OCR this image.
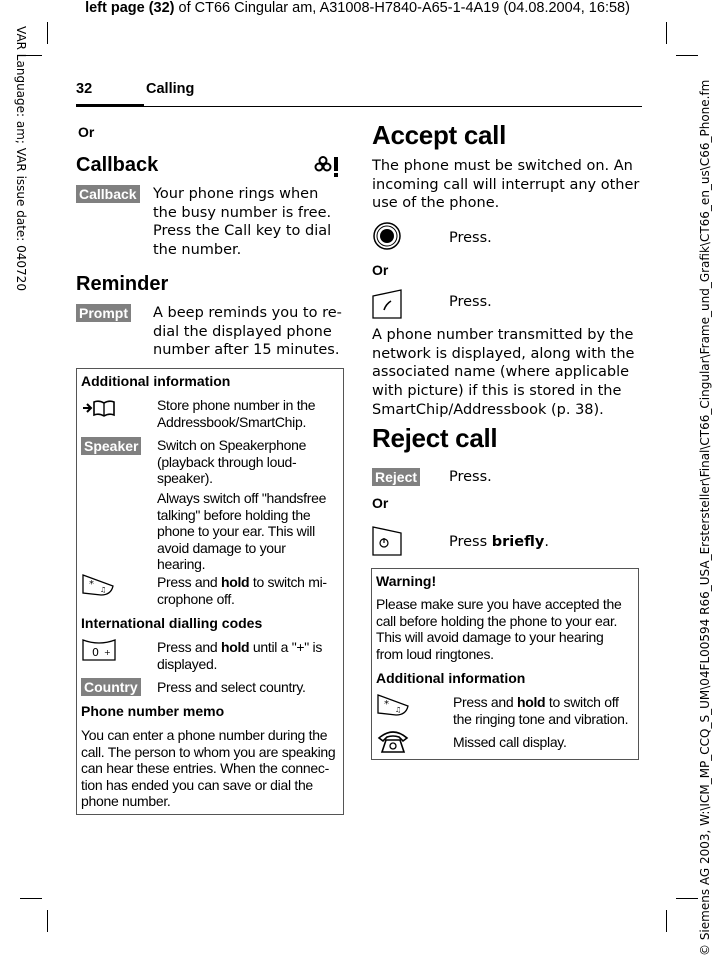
left page (32) of CT66 Cingular am, A31008-H7840-A65-1-4A19 (04.08.2004, 16:58)
VAR Language: am; VAR issue date: 040720	© Siemens AG 2003, W:\ICM_MP_CCQ_S_UM\04FL00594 R66_USA_Erstersteller\Final\CT66_Cingular\Frame_und_Grafik\CT66_en_us\C66_Phone.fm
32	Calling
Or
Callback
Callback Your phone rings when
the busy number is free.
Press the Call key to dial
the number.
Reminder
Prompt A beep reminds you to re-
dial the displayed phone
number after 15 minutes.
Additional information
Store phone number in the
Addressbook/SmartChip.
Speaker Switch on Speakerphone
(playback through loud-
speaker).
Always switch off "handsfree
talking" before holding the
phone to your ear. This will
avoid damage to your
hearing.
* ♫	Press and hold to switch mi-
crophone off.
International dialling codes
0 +	Press and hold until a "+" is
displayed.
Country Press and select country.
Phone number memo
You can enter a phone number during the
call. The person to whom you are speaking
can hear these entries. When the connec-
tion has ended you can save or dial the
phone number.
Accept call
The phone must be switched on. An
incoming call will interrupt any other
use of the phone.
Press.
Or
Press.
A phone number transmitted by the
network is displayed, along with the
associated name (where applicable
with picture) if this is stored in the
SmartChip/Addressbook (p. 38).
Reject call
Reject Press.
Or
Press briefly.
Warning!
Please make sure you have accepted the
call before holding the phone to your ear.
This will avoid damage to your hearing
from loud ringtones.
Additional information
* ♫	Press and hold to switch off
the ringing tone and vibration.
Missed call display.
